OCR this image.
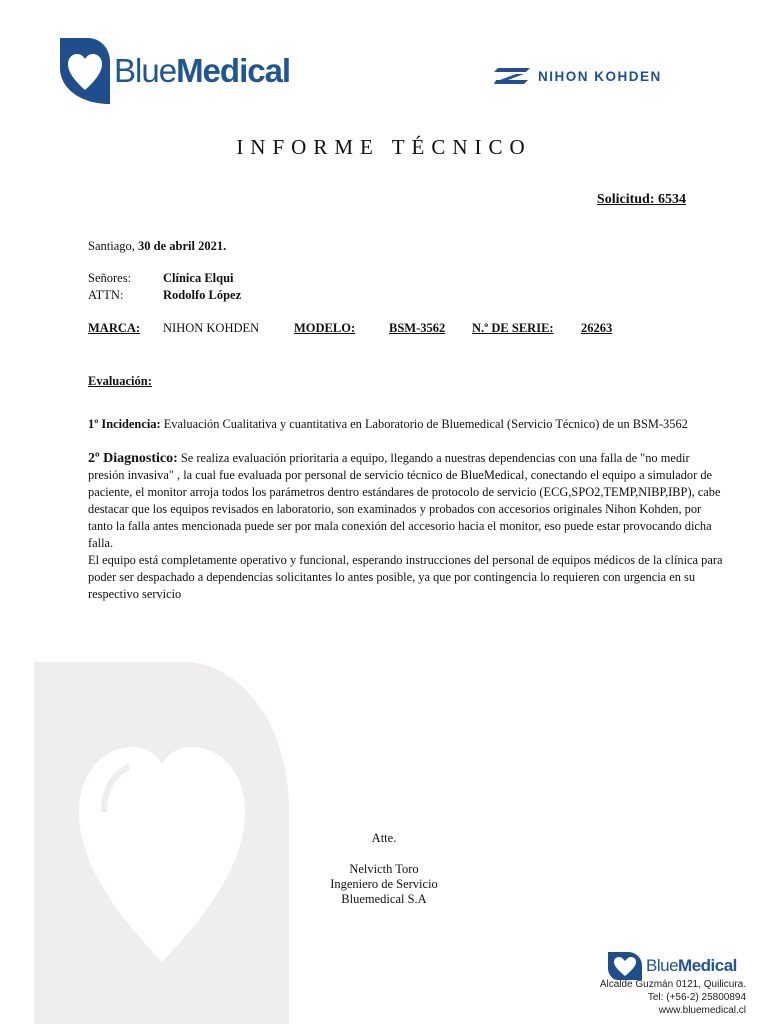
BlueMedical	NIHON KOHDEN
INFORME TÉCNICO
Solicitud: 6534
Santiago, 30 de abril 2021.
Señores:	Clínica Elqui
ATTN:	Rodolfo López
MARCA: NIHON KOHDEN	MODELO:	BSM-3562 N.º DE SERIE: 26263
Evaluación:
1º Incidencia: Evaluación Cualitativa y cuantitativa en Laboratorio de Bluemedical (Servicio Técnico) de un BSM-3562
2º Diagnostico: Se realiza evaluación prioritaria a equipo, llegando a nuestras dependencias con una falla de "no medir presión invasiva" , la cual fue evaluada por personal de servicio técnico de BlueMedical, conectando el equipo a simulador de paciente, el monitor arroja todos los parámetros dentro estándares de protocolo de servicio (ECG,SPO2,TEMP,NIBP,IBP), cabe destacar que los equipos revisados en laboratorio, son examinados y probados con accesorios originales Nihon Kohden, por tanto la falla antes mencionada puede ser por mala conexión del accesorio hacia el monitor, eso puede estar provocando dicha falla.
El equipo está completamente operativo y funcional, esperando instrucciones del personal de equipos médicos de la clínica para poder ser despachado a dependencias solicitantes lo antes posible, ya que por contingencia lo requieren con urgencia en su respectivo servicio
Atte.
Nelvicth Toro
Ingeniero de Servicio
Bluemedical S.A
BlueMedical
Alcalde Guzmán 0121, Quilicura.
Tel: (+56-2) 25800894
www.bluemedical.cl
